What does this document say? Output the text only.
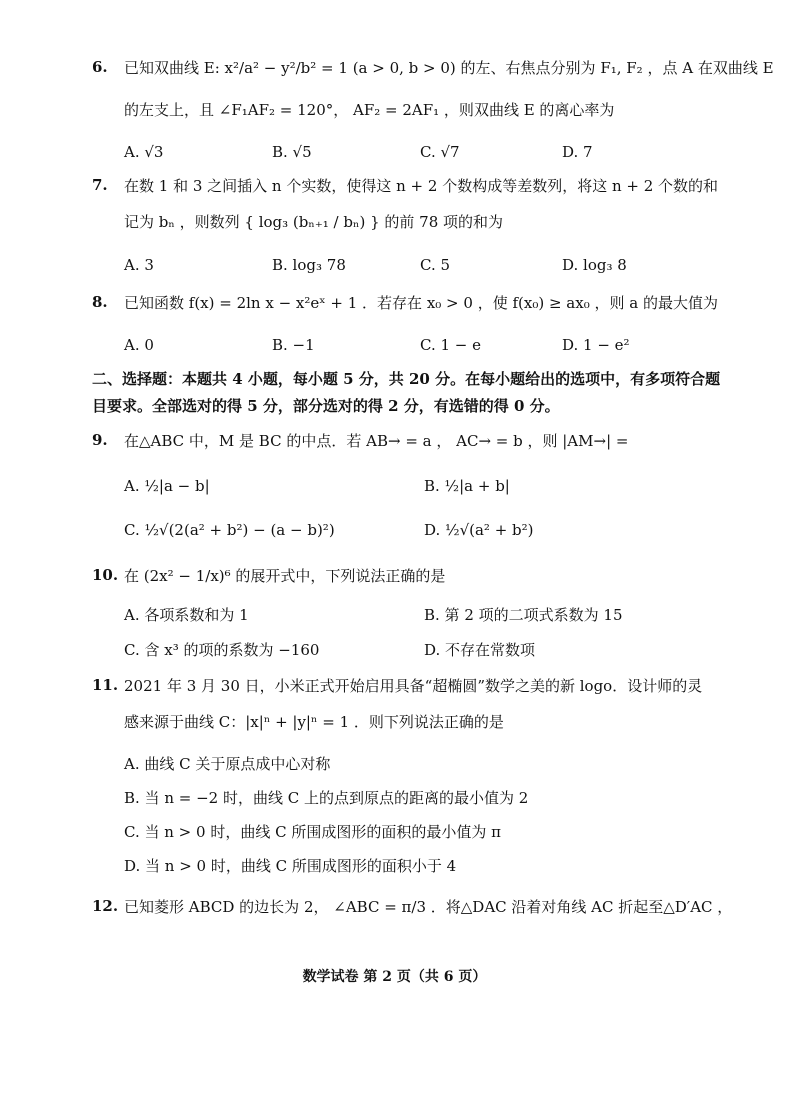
6. 已知双曲线 E: x²/a² − y²/b² = 1 (a > 0, b > 0) 的左、右焦点分别为 F₁, F₂ ，点 A 在双曲线 E
的左支上，且 ∠F₁AF₂ = 120°， AF₂ = 2AF₁ ，则双曲线 E 的离心率为
A. √3	B. √5	C. √7	D. 7
7. 在数 1 和 3 之间插入 n 个实数，使得这 n + 2 个数构成等差数列，将这 n + 2 个数的和
记为 bₙ ，则数列 { log₃ (bₙ₊₁ / bₙ) } 的前 78 项的和为
A. 3	B. log₃ 78	C. 5	D. log₃ 8
8. 已知函数 f(x) = 2ln x − x²eˣ + 1 ．若存在 x₀ > 0 ，使 f(x₀) ≥ ax₀ ，则 a 的最大值为
A. 0	B. −1	C. 1 − e	D. 1 − e²
二、选择题：本题共 4 小题，每小题 5 分，共 20 分。在每小题给出的选项中，有多项符合题
目要求。全部选对的得 5 分，部分选对的得 2 分，有选错的得 0 分。
9. 在△ABC 中，M 是 BC 的中点．若 AB→ = a ， AC→ = b ，则 |AM→| =
A. ½|a − b|	B. ½|a + b|
C. ½√(2(a² + b²) − (a − b)²)	D. ½√(a² + b²)
10. 在 (2x² − 1/x)⁶ 的展开式中，下列说法正确的是
A. 各项系数和为 1	B. 第 2 项的二项式系数为 15
C. 含 x³ 的项的系数为 −160	D. 不存在常数项
11. 2021 年 3 月 30 日，小米正式开始启用具备“超椭圆”数学之美的新 logo．设计师的灵
感来源于曲线 C：|x|ⁿ + |y|ⁿ = 1 ．则下列说法正确的是
A. 曲线 C 关于原点成中心对称
B. 当 n = −2 时，曲线 C 上的点到原点的距离的最小值为 2
C. 当 n > 0 时，曲线 C 所围成图形的面积的最小值为 π
D. 当 n > 0 时，曲线 C 所围成图形的面积小于 4
12. 已知菱形 ABCD 的边长为 2， ∠ABC = π/3 ．将△DAC 沿着对角线 AC 折起至△D′AC ，
数学试卷 第 2 页（共 6 页）
